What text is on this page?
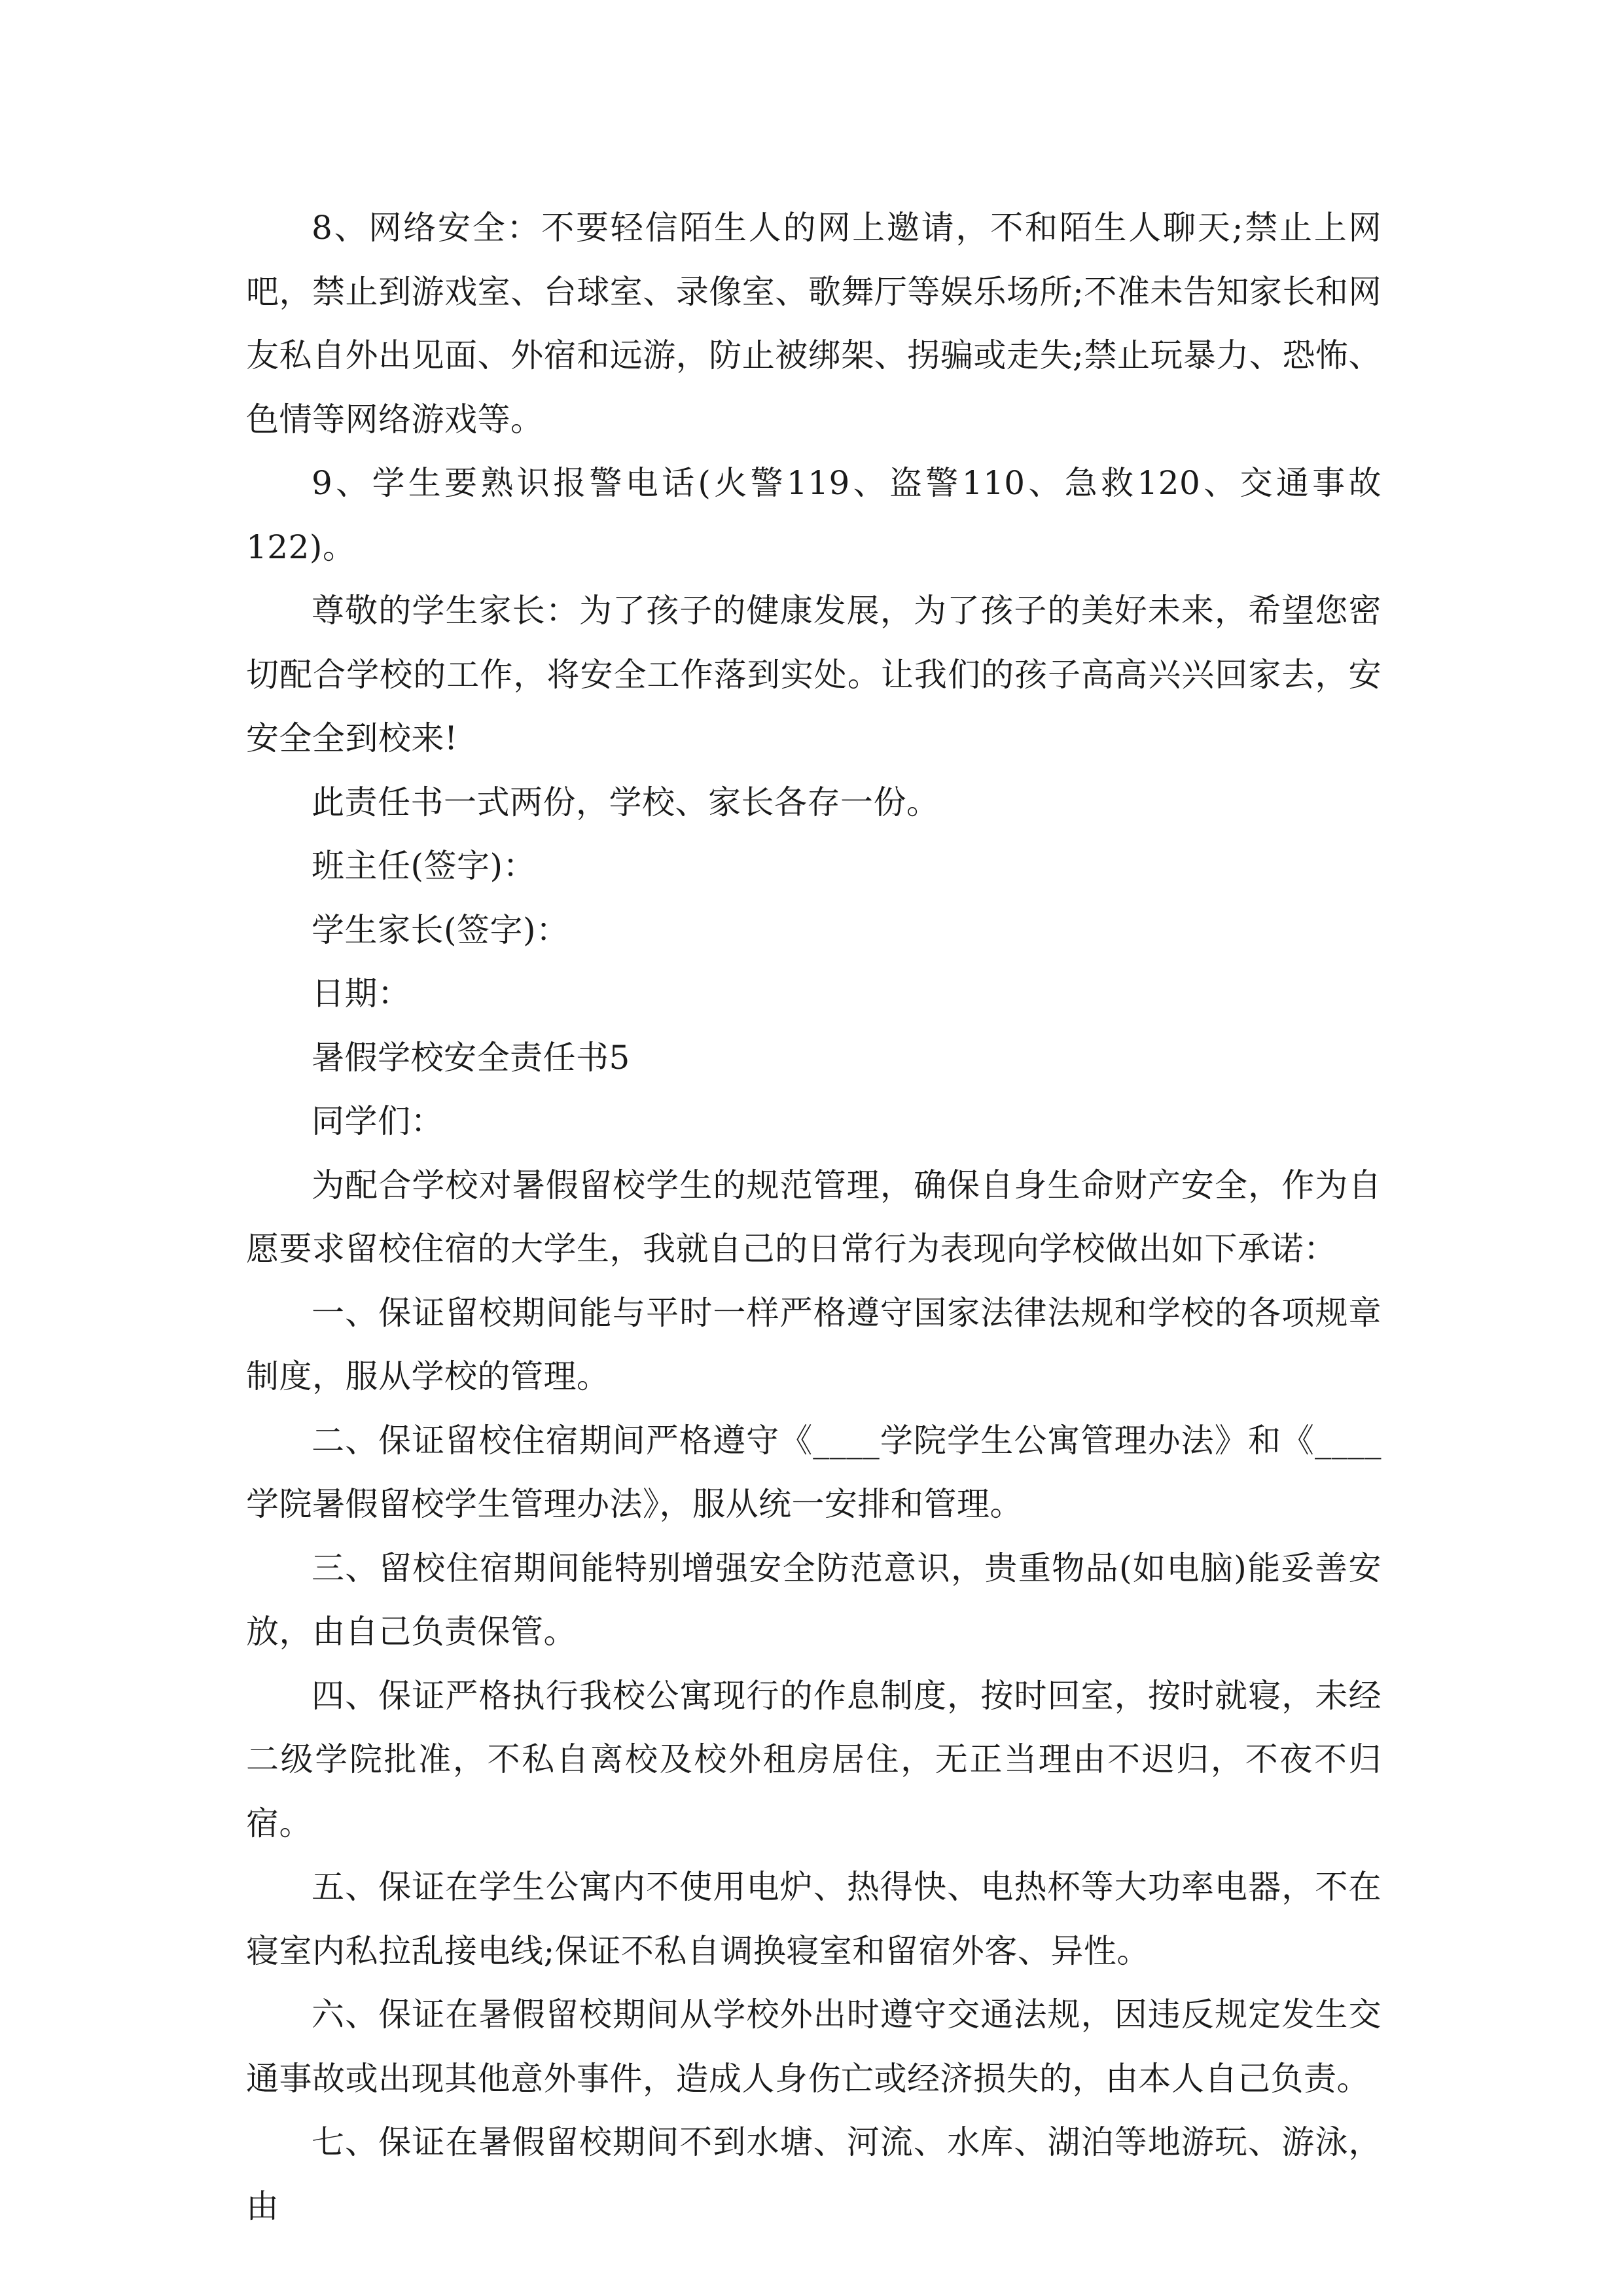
8、网络安全：不要轻信陌生人的网上邀请，不和陌生人聊天;禁止上网吧，禁止到游戏室、台球室、录像室、歌舞厅等娱乐场所;不准未告知家长和网友私自外出见面、外宿和远游，防止被绑架、拐骗或走失;禁止玩暴力、恐怖、色情等网络游戏等。

9、学生要熟识报警电话(火警119、盗警110、急救120、交通事故122)。

尊敬的学生家长：为了孩子的健康发展，为了孩子的美好未来，希望您密切配合学校的工作，将安全工作落到实处。让我们的孩子高高兴兴回家去，安安全全到校来!

此责任书一式两份，学校、家长各存一份。

班主任(签字)：

学生家长(签字)：

日期：

暑假学校安全责任书5

同学们：

为配合学校对暑假留校学生的规范管理，确保自身生命财产安全，作为自愿要求留校住宿的大学生，我就自己的日常行为表现向学校做出如下承诺：

一、保证留校期间能与平时一样严格遵守国家法律法规和学校的各项规章制度，服从学校的管理。

二、保证留校住宿期间严格遵守《____学院学生公寓管理办法》和《____学院暑假留校学生管理办法》，服从统一安排和管理。

三、留校住宿期间能特别增强安全防范意识，贵重物品(如电脑)能妥善安放，由自己负责保管。

四、保证严格执行我校公寓现行的作息制度，按时回室，按时就寝，未经二级学院批准，不私自离校及校外租房居住，无正当理由不迟归，不夜不归宿。

五、保证在学生公寓内不使用电炉、热得快、电热杯等大功率电器，不在寝室内私拉乱接电线;保证不私自调换寝室和留宿外客、异性。

六、保证在暑假留校期间从学校外出时遵守交通法规，因违反规定发生交通事故或出现其他意外事件，造成人身伤亡或经济损失的，由本人自己负责。

七、保证在暑假留校期间不到水塘、河流、水库、湖泊等地游玩、游泳，由
